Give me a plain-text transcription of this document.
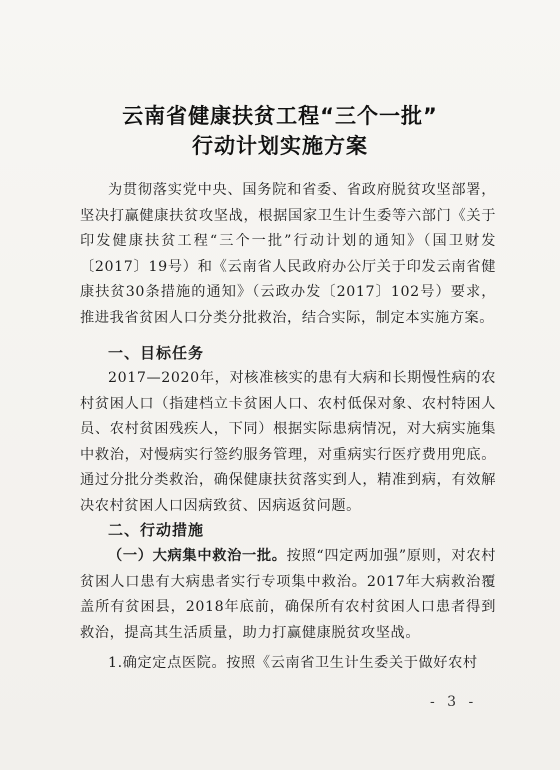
云南省健康扶贫工程“三个一批”
行动计划实施方案
为贯彻落实党中央、国务院和省委、省政府脱贫攻坚部署，坚决打赢健康扶贫攻坚战，根据国家卫生计生委等六部门《关于印发健康扶贫工程“三个一批”行动计划的通知》（国卫财发〔2017〕19号）和《云南省人民政府办公厅关于印发云南省健康扶贫30条措施的通知》（云政办发〔2017〕102号）要求，推进我省贫困人口分类分批救治，结合实际，制定本实施方案。
一、目标任务
2017—2020年，对核准核实的患有大病和长期慢性病的农村贫困人口（指建档立卡贫困人口、农村低保对象、农村特困人员、农村贫困残疾人，下同）根据实际患病情况，对大病实施集中救治，对慢病实行签约服务管理，对重病实行医疗费用兜底。通过分批分类救治，确保健康扶贫落实到人，精准到病，有效解决农村贫困人口因病致贫、因病返贫问题。
二、行动措施
（一）大病集中救治一批。按照“四定两加强”原则，对农村贫困人口患有大病患者实行专项集中救治。2017年大病救治覆盖所有贫困县，2018年底前，确保所有农村贫困人口患者得到救治，提高其生活质量，助力打赢健康脱贫攻坚战。
1.确定定点医院。按照《云南省卫生计生委关于做好农村
- 3 -
